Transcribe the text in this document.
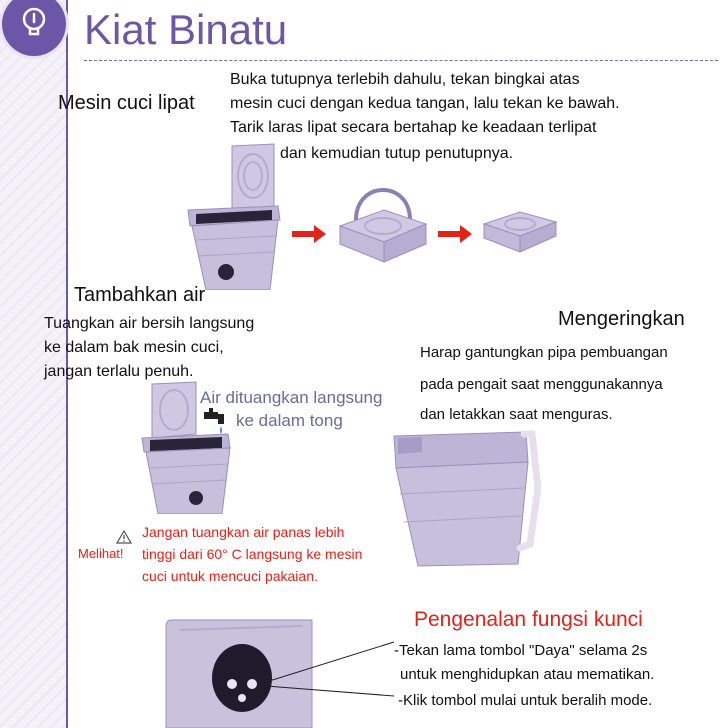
Kiat Binatu

Mesin cuci lipat

Buka tutupnya terlebih dahulu, tekan bingkai atas

mesin cuci dengan kedua tangan, lalu tekan ke bawah.

Tarik laras lipat secara bertahap ke keadaan terlipat

dan kemudian tutup penutupnya.

Tambahkan air

Tuangkan air bersih langsung

ke dalam bak mesin cuci,

jangan terlalu penuh.

Air dituangkan langsung

ke dalam tong

Melihat!

Jangan tuangkan air panas lebih

tinggi dari 60° C langsung ke mesin

cuci untuk mencuci pakaian.

Mengeringkan

Harap gantungkan pipa pembuangan

pada pengait saat menggunakannya

dan letakkan saat menguras.

Pengenalan fungsi kunci

-Tekan lama tombol "Daya" selama 2s

untuk menghidupkan atau mematikan.

-Klik tombol mulai untuk beralih mode.
